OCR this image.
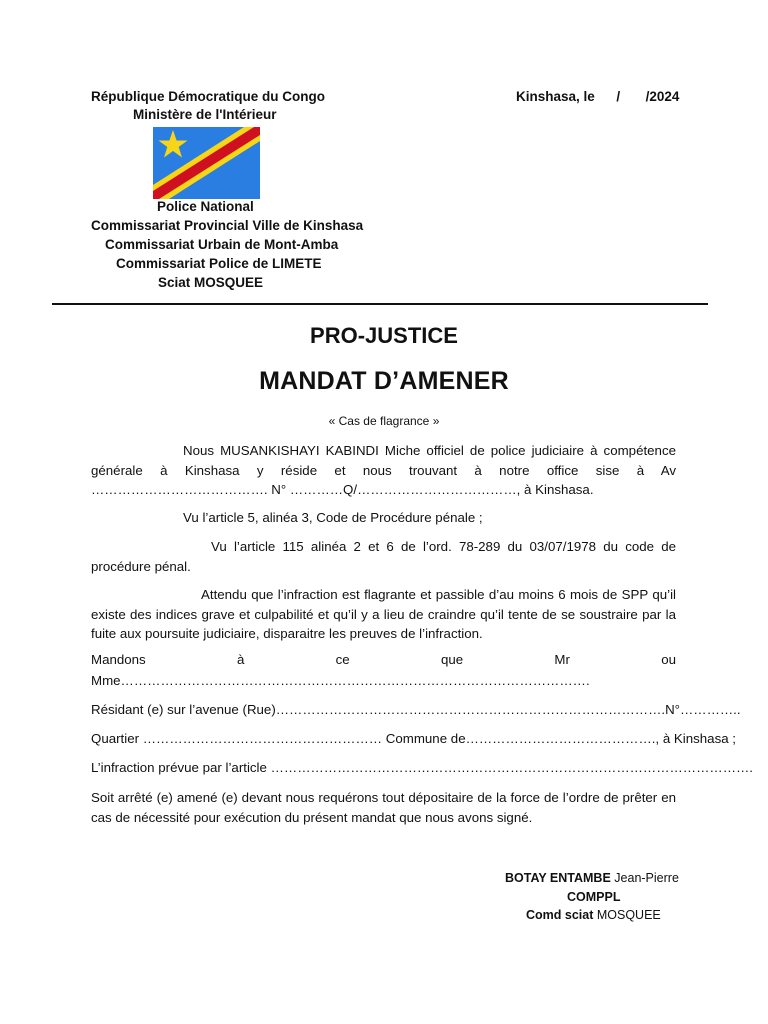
République Démocratique du Congo
Ministère de l'Intérieur
Kinshasa, le / /2024
Police National
Commissariat Provincial Ville de Kinshasa
Commissariat Urbain de Mont-Amba
Commissariat Police de LIMETE
Sciat MOSQUEE
PRO-JUSTICE
MANDAT D’AMENER
« Cas de flagrance »
Nous MUSANKISHAYI KABINDI Miche officiel de police judiciaire à compétence générale à Kinshasa y réside et nous trouvant à notre office sise à Av …………………………………. N° …………Q/………………………………, à Kinshasa.
Vu l’article 5, alinéa 3, Code de Procédure pénale ;
Vu l’article 115 alinéa 2 et 6 de l’ord. 78-289 du 03/07/1978 du code de procédure pénal.
Attendu que l’infraction est flagrante et passible d’au moins 6 mois de SPP qu’il existe des indices grave et culpabilité et qu’il y a lieu de craindre qu’il tente de se soustraire par la fuite aux poursuite judiciaire, disparaitre les preuves de l’infraction.
Mandons	à	ce	que	Mr	ou
Mme…………………………………………………………………………………………….
Résidant (e) sur l’avenue (Rue)…………………………………………………………………………….N°…………..
Quartier ……………………………………………… Commune de……………………………………., à Kinshasa ;
L’infraction prévue par l’article ……………………………………………………………………………………………….
Soit arrêté (e) amené (e) devant nous requérons tout dépositaire de la force de l’ordre de prêter en cas de nécessité pour exécution du présent mandat que nous avons signé.
BOTAY ENTAMBE Jean-Pierre
COMPPL
Comd sciat MOSQUEE
